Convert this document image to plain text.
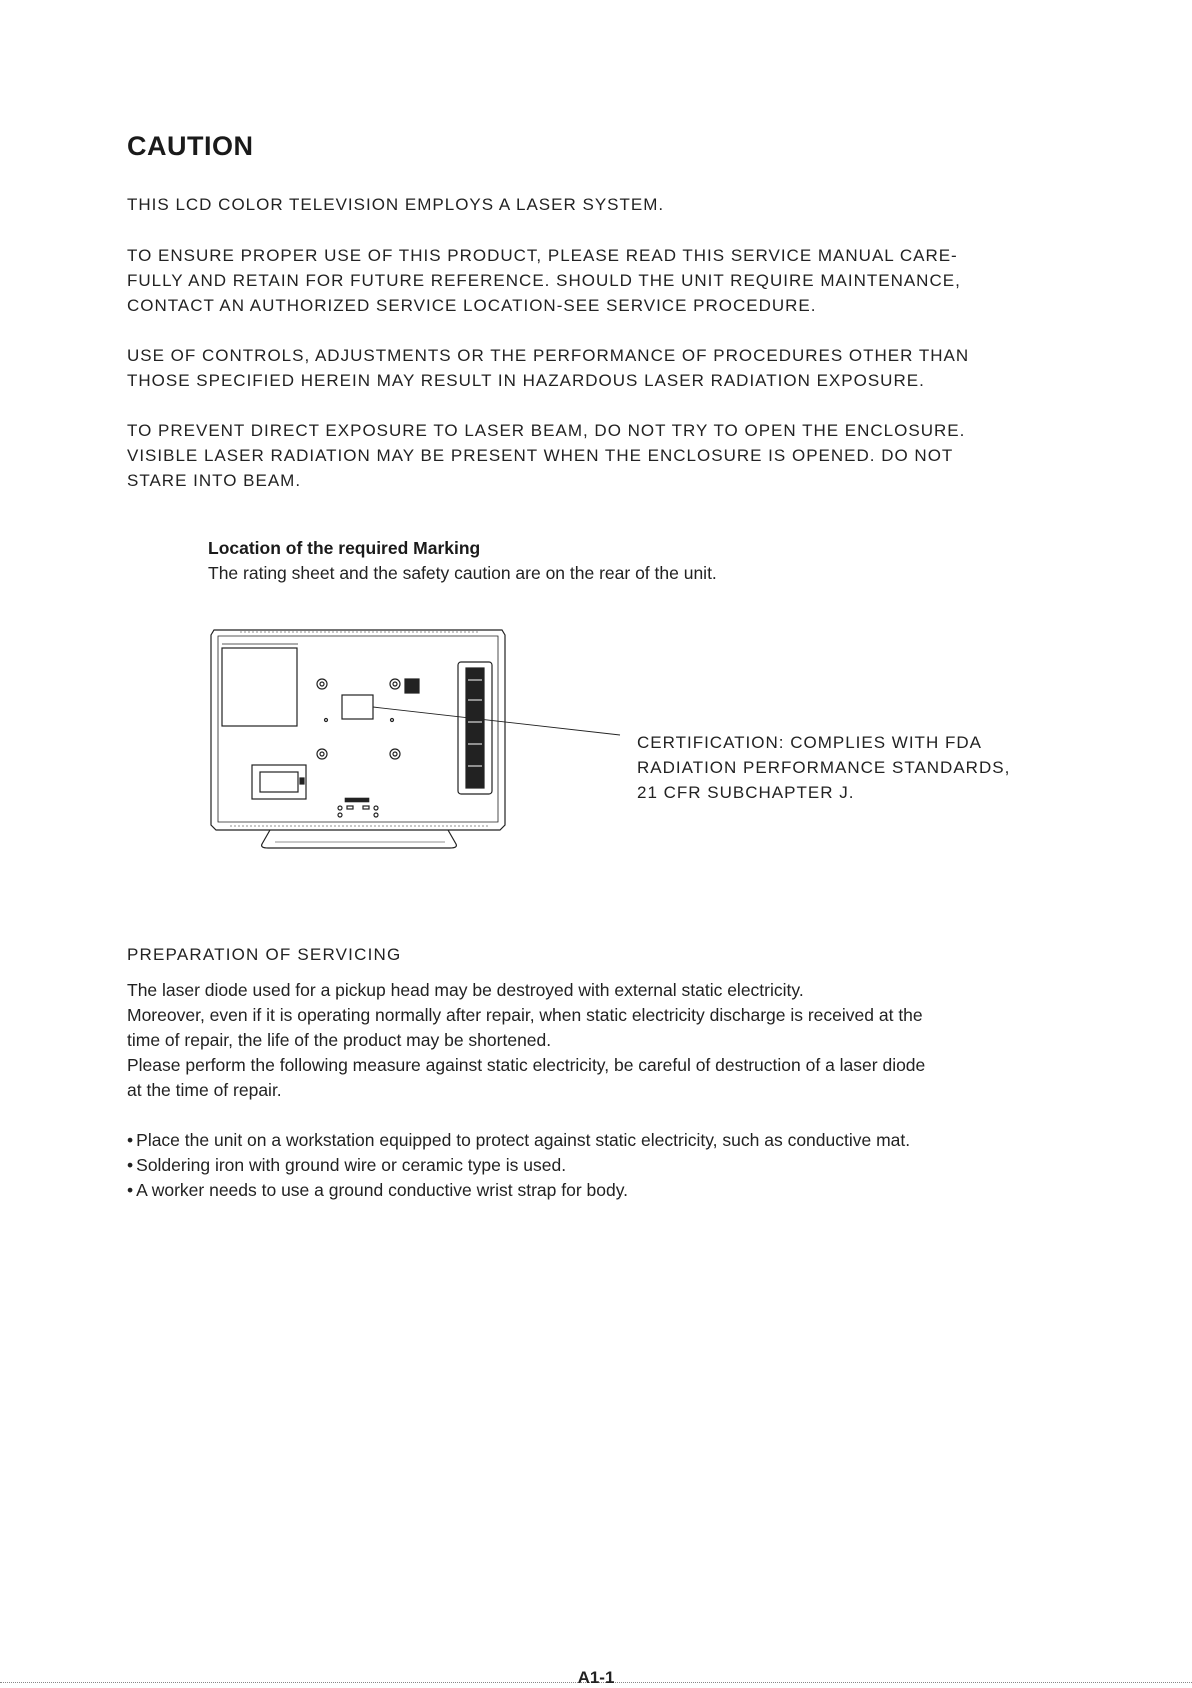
CAUTION

THIS LCD COLOR TELEVISION EMPLOYS A LASER SYSTEM.

TO ENSURE PROPER USE OF THIS PRODUCT, PLEASE READ THIS SERVICE MANUAL CARE-
FULLY AND RETAIN FOR FUTURE REFERENCE. SHOULD THE UNIT REQUIRE MAINTENANCE,
CONTACT AN AUTHORIZED SERVICE LOCATION-SEE SERVICE PROCEDURE.

USE OF CONTROLS, ADJUSTMENTS OR THE PERFORMANCE OF PROCEDURES OTHER THAN
THOSE SPECIFIED HEREIN MAY RESULT IN HAZARDOUS LASER RADIATION EXPOSURE.

TO PREVENT DIRECT EXPOSURE TO LASER BEAM, DO NOT TRY TO OPEN THE ENCLOSURE.
VISIBLE LASER RADIATION MAY BE PRESENT WHEN THE ENCLOSURE IS OPENED. DO NOT
STARE INTO BEAM.

Location of the required Marking
The rating sheet and the safety caution are on the rear of the unit.
CERTIFICATION: COMPLIES WITH FDA
RADIATION PERFORMANCE STANDARDS,
21 CFR SUBCHAPTER J.
PREPARATION OF SERVICING
The laser diode used for a pickup head may be destroyed with external static electricity.
Moreover, even if it is operating normally after repair, when static electricity discharge is received at the
time of repair, the life of the product may be shortened.
Please perform the following measure against static electricity, be careful of destruction of a laser diode
at the time of repair.
• Place the unit on a workstation equipped to protect against static electricity, such as conductive mat.
• Soldering iron with ground wire or ceramic type is used.
• A worker needs to use a ground conductive wrist strap for body.
A1-1
